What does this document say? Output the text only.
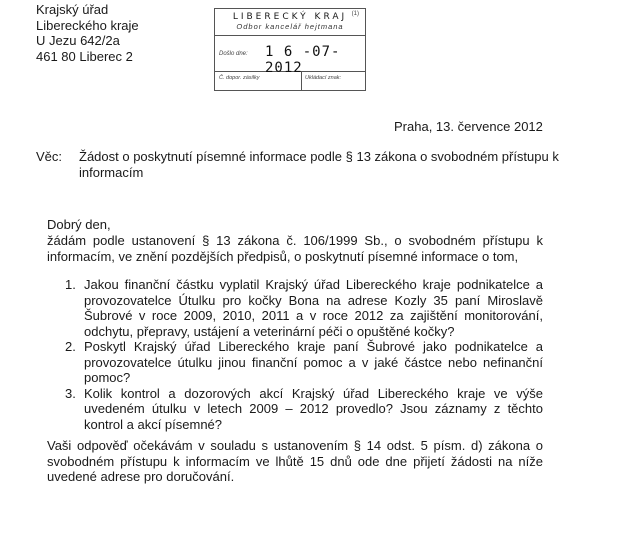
Krajský úřad
Libereckého kraje
U Jezu 642/2a
461 80 Liberec 2
LIBERECKÝ KRAJ (1)
Odbor kancelář hejtmana
Došlo dne: 1 6 -07- 2012
Č. dopor. zásilky	Ukládací znak:
Praha, 13. července 2012
Věc: Žádost o poskytnutí písemné informace podle § 13 zákona o svobodném přístupu k informacím
Dobrý den,
žádám podle ustanovení § 13 zákona č. 106/1999 Sb., o svobodném přístupu k informacím, ve znění pozdějších předpisů, o poskytnutí písemné informace o tom,
1. Jakou finanční částku vyplatil Krajský úřad Libereckého kraje podnikatelce a provozovatelce Útulku pro kočky Bona na adrese Kozly 35 paní Miroslavě Šubrové v roce 2009, 2010, 2011 a v roce 2012 za zajištění monitorování, odchytu, přepravy, ustájení a veterinární péči o opuštěné kočky?
2. Poskytl Krajský úřad Libereckého kraje paní Šubrové jako podnikatelce a provozovatelce útulku jinou finanční pomoc a v jaké částce nebo nefinanční pomoc?
3. Kolik kontrol a dozorových akcí Krajský úřad Libereckého kraje ve výše uvedeném útulku v letech 2009 – 2012 provedlo? Jsou záznamy z těchto kontrol a akcí písemné?
Vaši odpověď očekávám v souladu s ustanovením § 14 odst. 5 písm. d) zákona o svobodném přístupu k informacím ve lhůtě 15 dnů ode dne přijetí žádosti na níže uvedené adrese pro doručování.
